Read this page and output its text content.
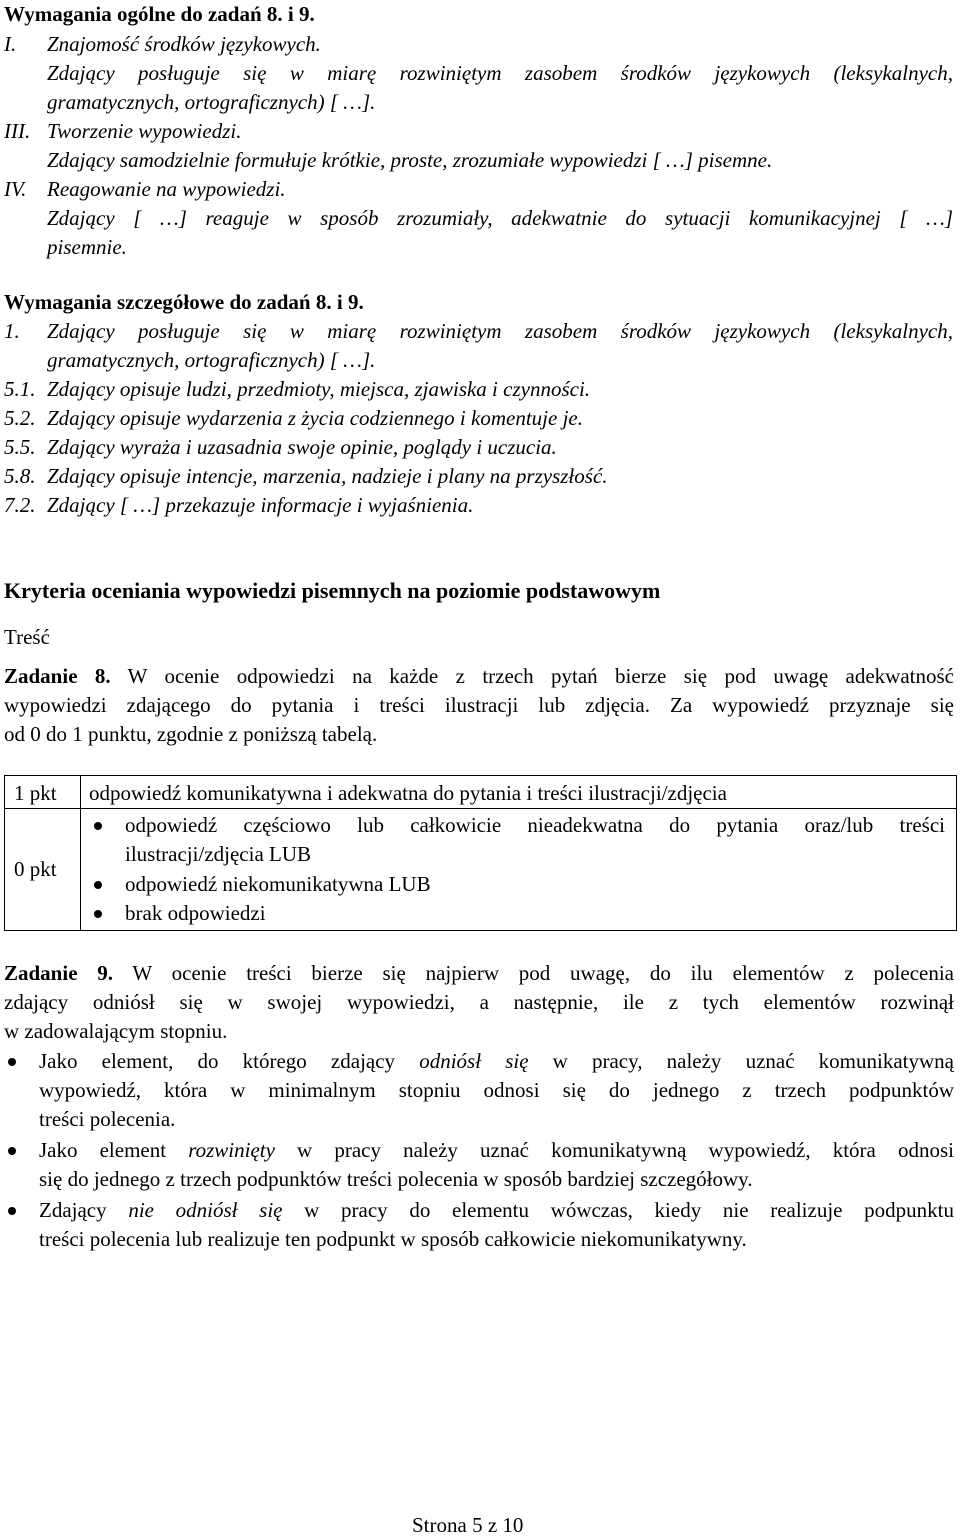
Wymagania ogólne do zadań 8. i 9.
I. Znajomość środków językowych.
Zdający posługuje się w miarę rozwiniętym zasobem środków językowych (leksykalnych,
gramatycznych, ortograficznych) [ …].
III. Tworzenie wypowiedzi.
Zdający samodzielnie formułuje krótkie, proste, zrozumiałe wypowiedzi [ …] pisemne.
IV. Reagowanie na wypowiedzi.
Zdający [ …] reaguje w sposób zrozumiały, adekwatnie do sytuacji komunikacyjnej [ …]
pisemnie.
Wymagania szczegółowe do zadań 8. i 9.
1. Zdający posługuje się w miarę rozwiniętym zasobem środków językowych (leksykalnych,
gramatycznych, ortograficznych) [ …].
5.1. Zdający opisuje ludzi, przedmioty, miejsca, zjawiska i czynności.
5.2. Zdający opisuje wydarzenia z życia codziennego i komentuje je.
5.5. Zdający wyraża i uzasadnia swoje opinie, poglądy i uczucia.
5.8. Zdający opisuje intencje, marzenia, nadzieje i plany na przyszłość.
7.2. Zdający [ …] przekazuje informacje i wyjaśnienia.
Kryteria oceniania wypowiedzi pisemnych na poziomie podstawowym
Treść
Zadanie 8. W ocenie odpowiedzi na każde z trzech pytań bierze się pod uwagę adekwatność
wypowiedzi zdającego do pytania i treści ilustracji lub zdjęcia. Za wypowiedź przyznaje się
od 0 do 1 punktu, zgodnie z poniższą tabelą.
1 pkt odpowiedź komunikatywna i adekwatna do pytania i treści ilustracji/zdjęcia
0 pkt
odpowiedź częściowo lub całkowicie nieadekwatna do pytania oraz/lub treści
ilustracji/zdjęcia LUB
odpowiedź niekomunikatywna LUB
brak odpowiedzi
Zadanie 9. W ocenie treści bierze się najpierw pod uwagę, do ilu elementów z polecenia
zdający odniósł się w swojej wypowiedzi, a następnie, ile z tych elementów rozwinął
w zadowalającym stopniu.
Jako element, do którego zdający odniósł się w pracy, należy uznać komunikatywną
wypowiedź, która w minimalnym stopniu odnosi się do jednego z trzech podpunktów
treści polecenia.
Jako element rozwinięty w pracy należy uznać komunikatywną wypowiedź, która odnosi
się do jednego z trzech podpunktów treści polecenia w sposób bardziej szczegółowy.
Zdający nie odniósł się w pracy do elementu wówczas, kiedy nie realizuje podpunktu
treści polecenia lub realizuje ten podpunkt w sposób całkowicie niekomunikatywny.
Strona 5 z 10
